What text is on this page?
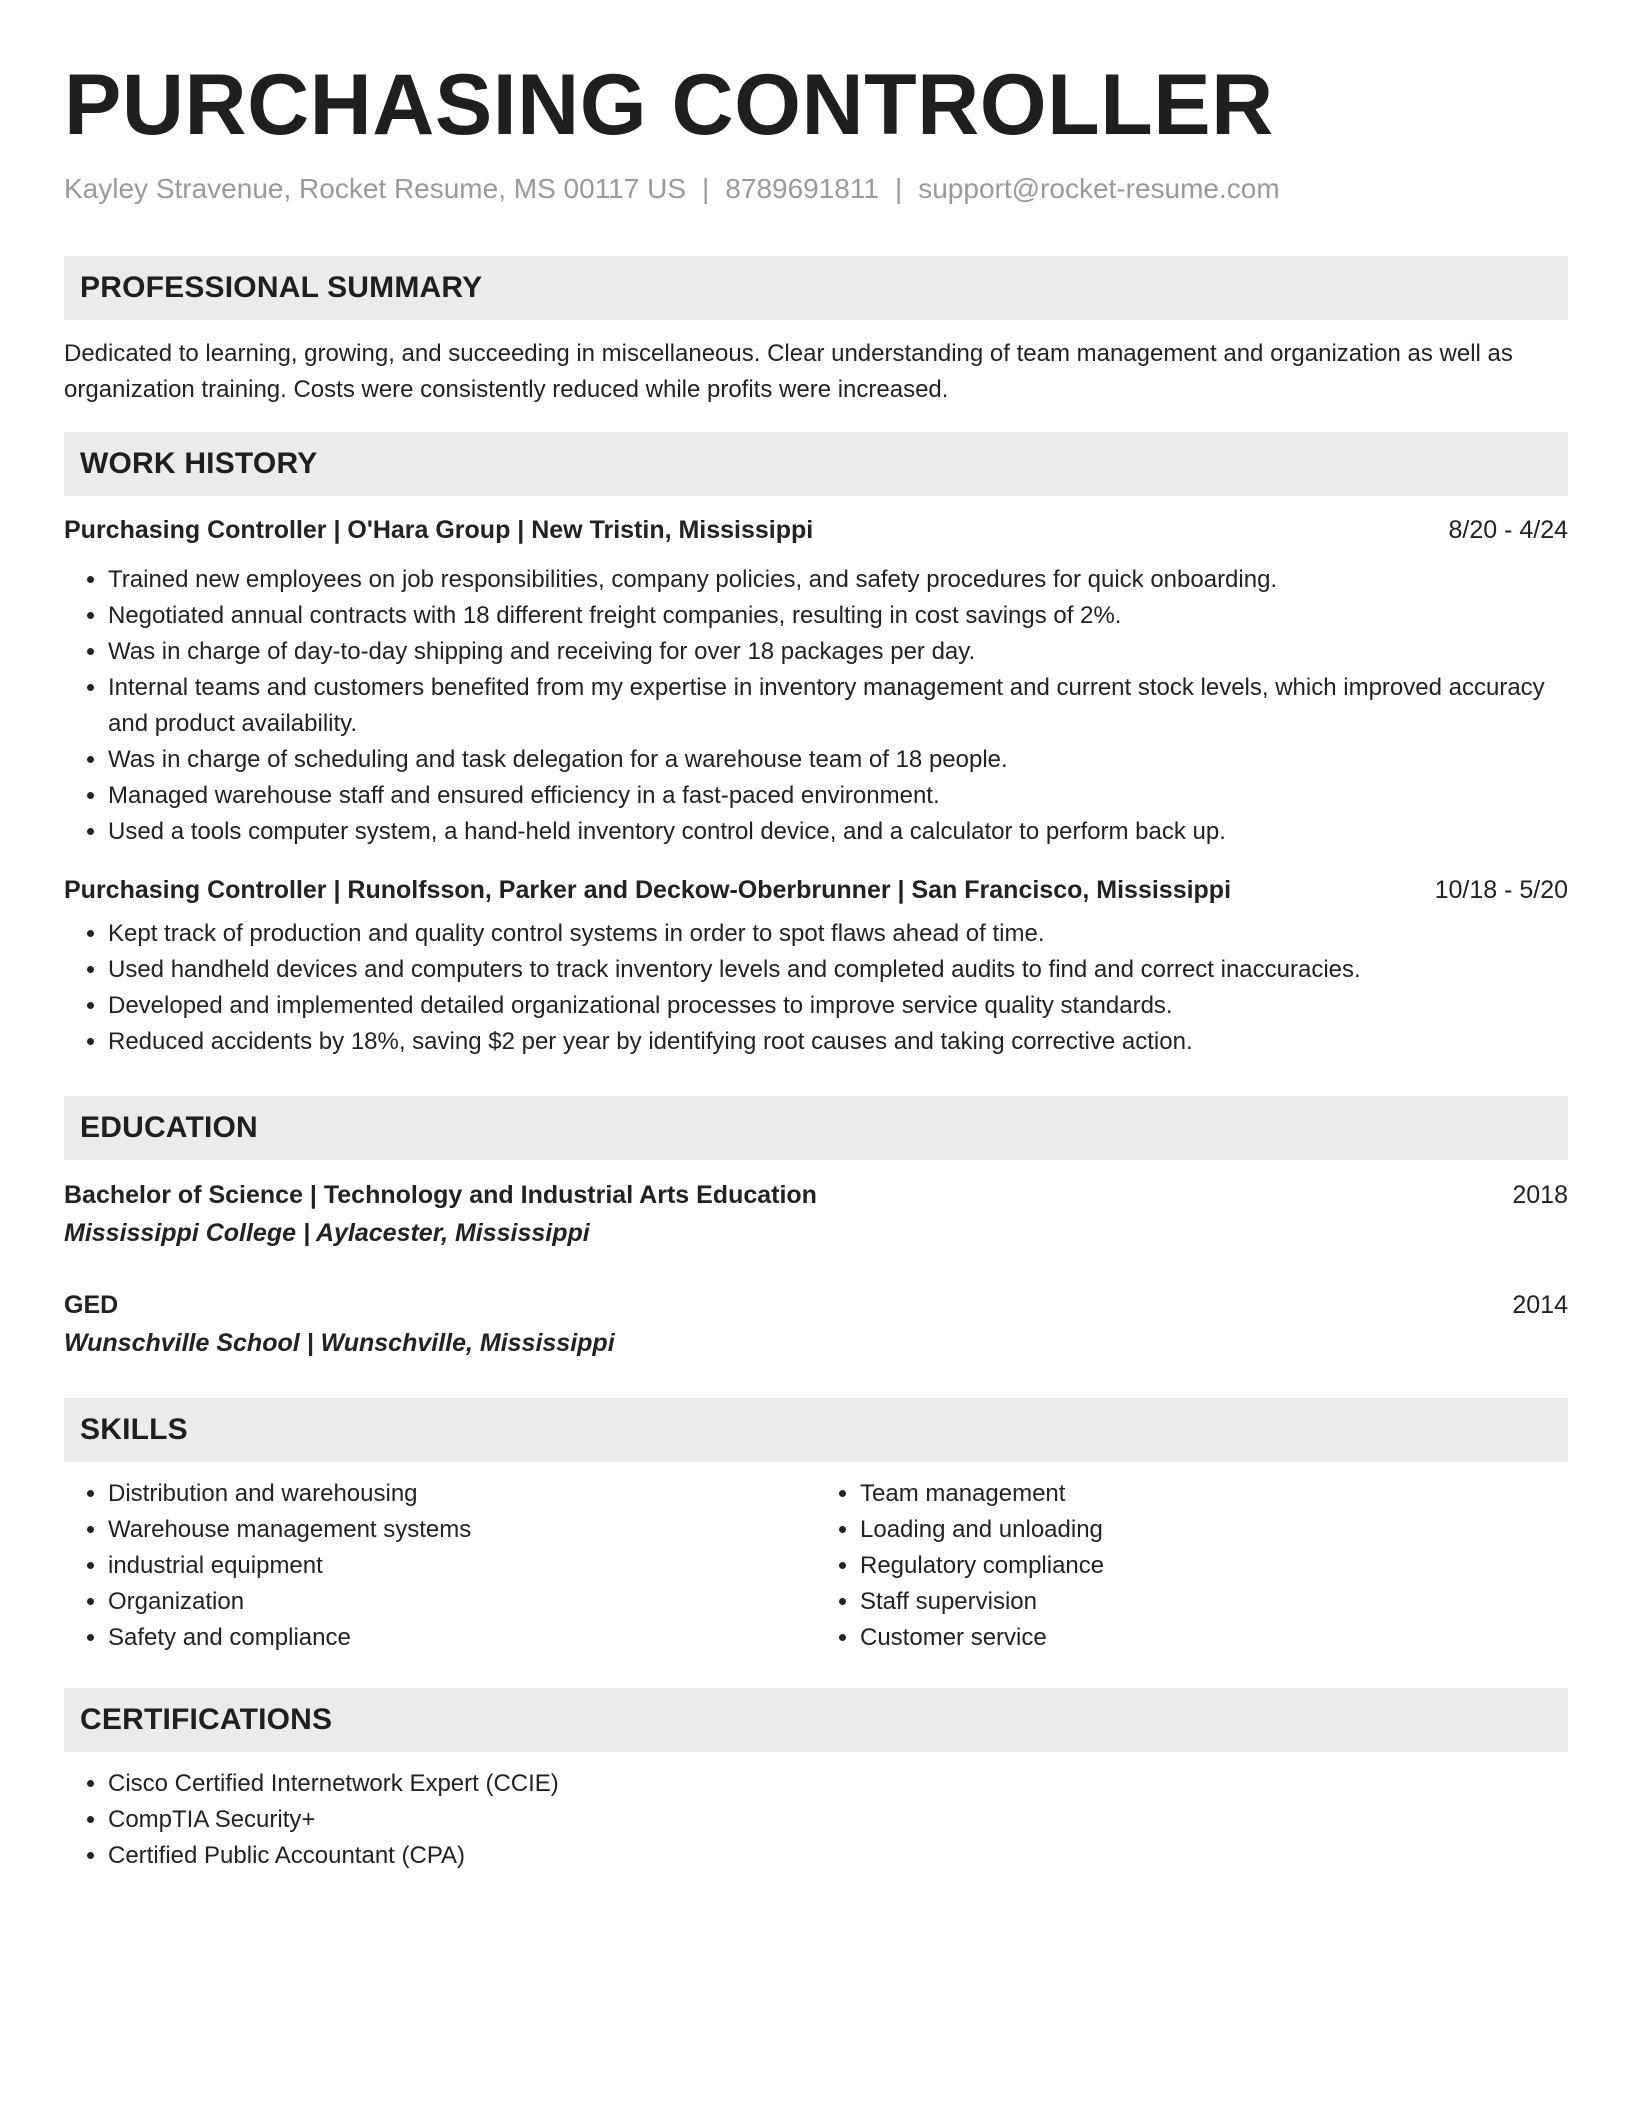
PURCHASING CONTROLLER
Kayley Stravenue, Rocket Resume, MS 00117 US | 8789691811 | support@rocket-resume.com
PROFESSIONAL SUMMARY
Dedicated to learning, growing, and succeeding in miscellaneous. Clear understanding of team management and organization as well as organization training. Costs were consistently reduced while profits were increased.
WORK HISTORY
Purchasing Controller | O'Hara Group | New Tristin, Mississippi	8/20 - 4/24
• Trained new employees on job responsibilities, company policies, and safety procedures for quick onboarding.
• Negotiated annual contracts with 18 different freight companies, resulting in cost savings of 2%.
• Was in charge of day-to-day shipping and receiving for over 18 packages per day.
• Internal teams and customers benefited from my expertise in inventory management and current stock levels, which improved accuracy and product availability.
• Was in charge of scheduling and task delegation for a warehouse team of 18 people.
• Managed warehouse staff and ensured efficiency in a fast-paced environment.
• Used a tools computer system, a hand-held inventory control device, and a calculator to perform back up.
Purchasing Controller | Runolfsson, Parker and Deckow-Oberbrunner | San Francisco, Mississippi	10/18 - 5/20
• Kept track of production and quality control systems in order to spot flaws ahead of time.
• Used handheld devices and computers to track inventory levels and completed audits to find and correct inaccuracies.
• Developed and implemented detailed organizational processes to improve service quality standards.
• Reduced accidents by 18%, saving $2 per year by identifying root causes and taking corrective action.
EDUCATION
Bachelor of Science | Technology and Industrial Arts Education	2018
Mississippi College | Aylacester, Mississippi
GED	2014
Wunschville School | Wunschville, Mississippi
SKILLS
• Distribution and warehousing
• Warehouse management systems
• industrial equipment
• Organization
• Safety and compliance
• Team management
• Loading and unloading
• Regulatory compliance
• Staff supervision
• Customer service
CERTIFICATIONS
• Cisco Certified Internetwork Expert (CCIE)
• CompTIA Security+
• Certified Public Accountant (CPA)
